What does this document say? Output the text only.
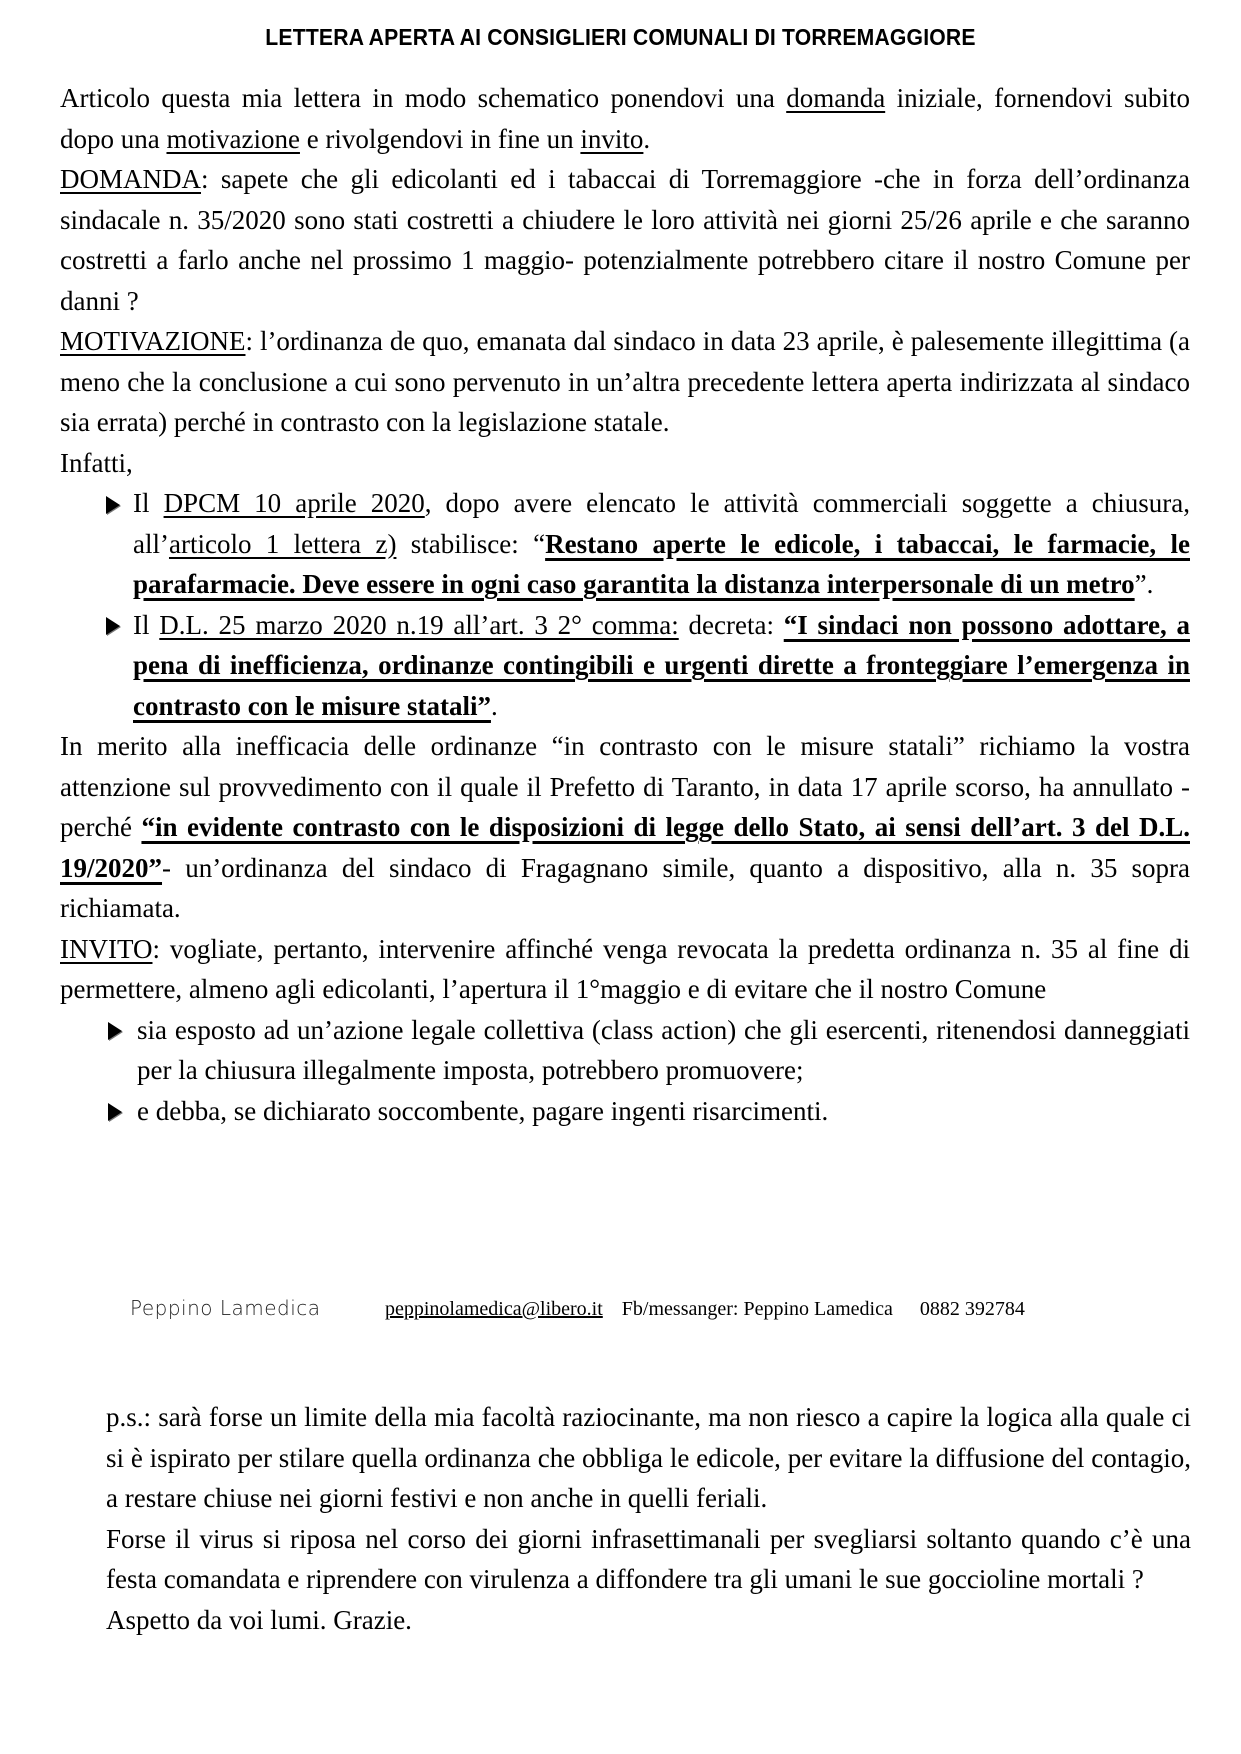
LETTERA APERTA AI CONSIGLIERI COMUNALI DI TORREMAGGIORE

Articolo questa mia lettera in modo schematico ponendovi una domanda iniziale, fornendovi subito dopo una motivazione e rivolgendovi in fine un invito.

DOMANDA: sapete che gli edicolanti ed i tabaccai di Torremaggiore -che in forza dell’ordinanza sindacale n. 35/2020 sono stati costretti a chiudere le loro attività nei giorni 25/26 aprile e che saranno costretti a farlo anche nel prossimo 1 maggio- potenzialmente potrebbero citare il nostro Comune per danni ?

MOTIVAZIONE: l’ordinanza de quo, emanata dal sindaco in data 23 aprile, è palesemente illegittima (a meno che la conclusione a cui sono pervenuto in un’altra precedente lettera aperta indirizzata al sindaco sia errata) perché in contrasto con la legislazione statale.

Infatti,

Il DPCM 10 aprile 2020, dopo avere elencato le attività commerciali soggette a chiusura, all’articolo 1 lettera z) stabilisce: “Restano aperte le edicole, i tabaccai, le farmacie, le parafarmacie. Deve essere in ogni caso garantita la distanza interpersonale di un metro”.
Il D.L. 25 marzo 2020 n.19 all’art. 3 2° comma: decreta: “I sindaci non possono adottare, a pena di inefficienza, ordinanze contingibili e urgenti dirette a fronteggiare l’emergenza in contrasto con le misure statali”.

In merito alla inefficacia delle ordinanze “in contrasto con le misure statali” richiamo la vostra attenzione sul provvedimento con il quale il Prefetto di Taranto, in data 17 aprile scorso, ha annullato -perché “in evidente contrasto con le disposizioni di legge dello Stato, ai sensi dell’art. 3 del D.L. 19/2020”- un’ordinanza del sindaco di Fragagnano simile, quanto a dispositivo, alla n. 35 sopra richiamata.

INVITO: vogliate, pertanto, intervenire affinché venga revocata la predetta ordinanza n. 35 al fine di permettere, almeno agli edicolanti, l’apertura il 1°maggio e di evitare che il nostro Comune

sia esposto ad un’azione legale collettiva (class action) che gli esercenti, ritenendosi danneggiati per la chiusura illegalmente imposta, potrebbero promuovere;
e debba, se dichiarato soccombente, pagare ingenti risarcimenti.
Peppino Lamedica	peppinolamedica@libero.it Fb/messanger: Peppino Lamedica 0882 392784

p.s.: sarà forse un limite della mia facoltà raziocinante, ma non riesco a capire la logica alla quale ci si è ispirato per stilare quella ordinanza che obbliga le edicole, per evitare la diffusione del contagio, a restare chiuse nei giorni festivi e non anche in quelli feriali.

Forse il virus si riposa nel corso dei giorni infrasettimanali per svegliarsi soltanto quando c’è una festa comandata e riprendere con virulenza a diffondere tra gli umani le sue goccioline mortali ?

Aspetto da voi lumi. Grazie.
